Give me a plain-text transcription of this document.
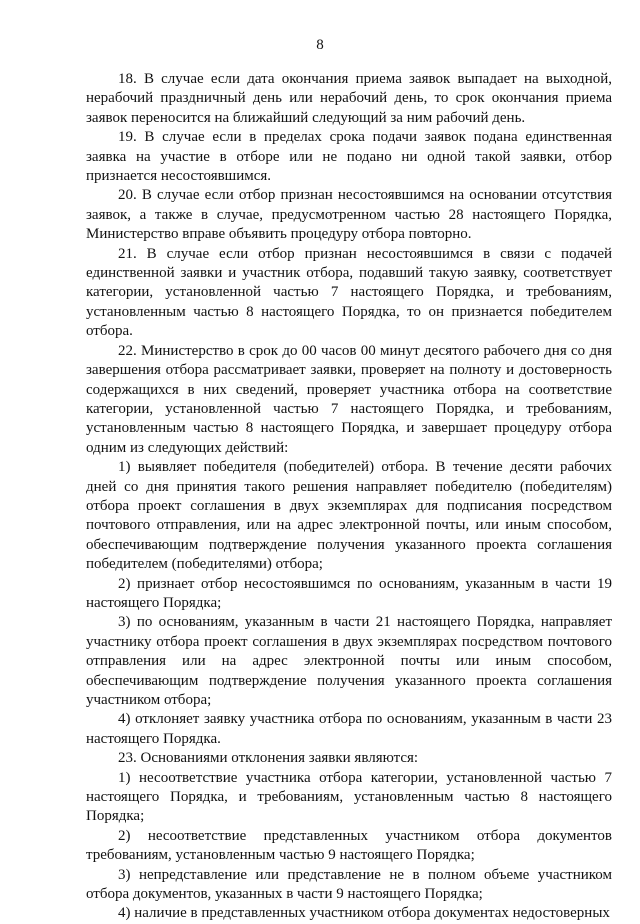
8

18. В случае если дата окончания приема заявок выпадает на выходной, нерабочий праздничный день или нерабочий день, то срок окончания приема заявок переносится на ближайший следующий за ним рабочий день.

19. В случае если в пределах срока подачи заявок подана единственная заявка на участие в отборе или не подано ни одной такой заявки, отбор признается несостоявшимся.

20. В случае если отбор признан несостоявшимся на основании отсутствия заявок, а также в случае, предусмотренном частью 28 настоящего Порядка, Министерство вправе объявить процедуру отбора повторно.

21. В случае если отбор признан несостоявшимся в связи с подачей единственной заявки и участник отбора, подавший такую заявку, соответствует категории, установленной частью 7 настоящего Порядка, и требованиям, установленным частью 8 настоящего Порядка, то он признается победителем отбора.

22. Министерство в срок до 00 часов 00 минут десятого рабочего дня со дня завершения отбора рассматривает заявки, проверяет на полноту и достоверность содержащихся в них сведений, проверяет участника отбора на соответствие категории, установленной частью 7 настоящего Порядка, и требованиям, установленным частью 8 настоящего Порядка, и завершает процедуру отбора одним из следующих действий:

1) выявляет победителя (победителей) отбора. В течение десяти рабочих дней со дня принятия такого решения направляет победителю (победителям) отбора проект соглашения в двух экземплярах для подписания посредством почтового отправления, или на адрес электронной почты, или иным способом, обеспечивающим подтверждение получения указанного проекта соглашения победителем (победителями) отбора;

2) признает отбор несостоявшимся по основаниям, указанным в части 19 настоящего Порядка;

3) по основаниям, указанным в части 21 настоящего Порядка, направляет участнику отбора проект соглашения в двух экземплярах посредством почтового отправления или на адрес электронной почты или иным способом, обеспечивающим подтверждение получения указанного проекта соглашения участником отбора;

4) отклоняет заявку участника отбора по основаниям, указанным в части 23 настоящего Порядка.

23. Основаниями отклонения заявки являются:

1) несоответствие участника отбора категории, установленной частью 7 настоящего Порядка, и требованиям, установленным частью 8 настоящего Порядка;

2) несоответствие представленных участником отбора документов требованиям, установленным частью 9 настоящего Порядка;

3) непредставление или представление не в полном объеме участником отбора документов, указанных в части 9 настоящего Порядка;

4) наличие в представленных участником отбора документах недостоверных
